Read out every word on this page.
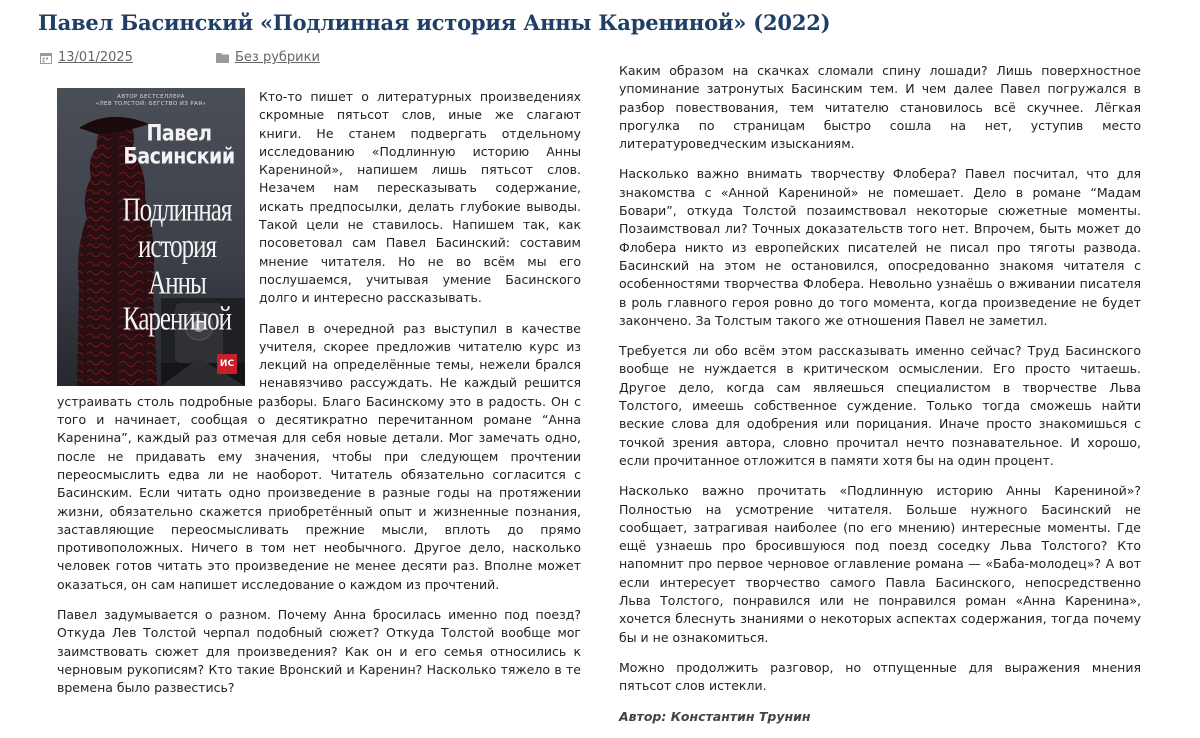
Павел Басинский «Подлинная история Анны Карениной» (2022)
13/01/2025	Без рубрики
АВТОР БЕСТСЕЛЛЕРА
«ЛЕВ ТОЛСТОЙ: БЕГСТВО ИЗ РАЯ»
Павел
Басинский
Подлинная история
Анны Карениной
ИС

Кто-то пишет о литературных произведениях скромные пятьсот слов, иные же слагают книги. Не станем подвергать отдельному исследованию «Подлинную историю Анны Карениной», напишем лишь пятьсот слов. Незачем нам пересказывать содержание, искать предпосылки, делать глубокие выводы. Такой цели не ставилось. Напишем так, как посоветовал сам Павел Басинский: составим мнение читателя. Но не во всём мы его послушаемся, учитывая умение Басинского долго и интересно рассказывать.

Павел в очередной раз выступил в качестве учителя, скорее предложив читателю курс из лекций на определённые темы, нежели брался ненавязчиво рассуждать. Не каждый решится устраивать столь подробные разборы. Благо Басинскому это в радость. Он с того и начинает, сообщая о десятикратно перечитанном романе “Анна Каренина”, каждый раз отмечая для себя новые детали. Мог замечать одно, после не придавать ему значения, чтобы при следующем прочтении переосмыслить едва ли не наоборот. Читатель обязательно согласится с Басинским. Если читать одно произведение в разные годы на протяжении жизни, обязательно скажется приобретённый опыт и жизненные познания, заставляющие переосмысливать прежние мысли, вплоть до прямо противоположных. Ничего в том нет необычного. Другое дело, насколько человек готов читать это произведение не менее десяти раз. Вполне может оказаться, он сам напишет исследование о каждом из прочтений.

Павел задумывается о разном. Почему Анна бросилась именно под поезд? Откуда Лев Толстой черпал подобный сюжет? Откуда Толстой вообще мог заимствовать сюжет для произведения? Как он и его семья относились к черновым рукописям? Кто такие Вронский и Каренин? Насколько тяжело в те времена было развестись?

Каким образом на скачках сломали спину лошади? Лишь поверхностное упоминание затронутых Басинским тем. И чем далее Павел погружался в разбор повествования, тем читателю становилось всё скучнее. Лёгкая прогулка по страницам быстро сошла на нет, уступив место литературоведческим изысканиям.

Насколько важно внимать творчеству Флобера? Павел посчитал, что для знакомства с «Анной Карениной» не помешает. Дело в романе “Мадам Бовари”, откуда Толстой позаимствовал некоторые сюжетные моменты. Позаимствовал ли? Точных доказательств того нет. Впрочем, быть может до Флобера никто из европейских писателей не писал про тяготы развода. Басинский на этом не остановился, опосредованно знакомя читателя с особенностями творчества Флобера. Невольно узнаёшь о вживании писателя в роль главного героя ровно до того момента, когда произведение не будет закончено. За Толстым такого же отношения Павел не заметил.

Требуется ли обо всём этом рассказывать именно сейчас? Труд Басинского вообще не нуждается в критическом осмыслении. Его просто читаешь. Другое дело, когда сам являешься специалистом в творчестве Льва Толстого, имеешь собственное суждение. Только тогда сможешь найти веские слова для одобрения или порицания. Иначе просто знакомишься с точкой зрения автора, словно прочитал нечто познавательное. И хорошо, если прочитанное отложится в памяти хотя бы на один процент.

Насколько важно прочитать «Подлинную историю Анны Карениной»? Полностью на усмотрение читателя. Больше нужного Басинский не сообщает, затрагивая наиболее (по его мнению) интересные моменты. Где ещё узнаешь про бросившуюся под поезд соседку Льва Толстого? Кто напомнит про первое черновое оглавление романа — «Баба-молодец»? А вот если интересует творчество самого Павла Басинского, непосредственно Льва Толстого, понравился или не понравился роман «Анна Каренина», хочется блеснуть знаниями о некоторых аспектах содержания, тогда почему бы и не ознакомиться.

Можно продолжить разговор, но отпущенные для выражения мнения пятьсот слов истекли.

Автор: Константин Трунин
